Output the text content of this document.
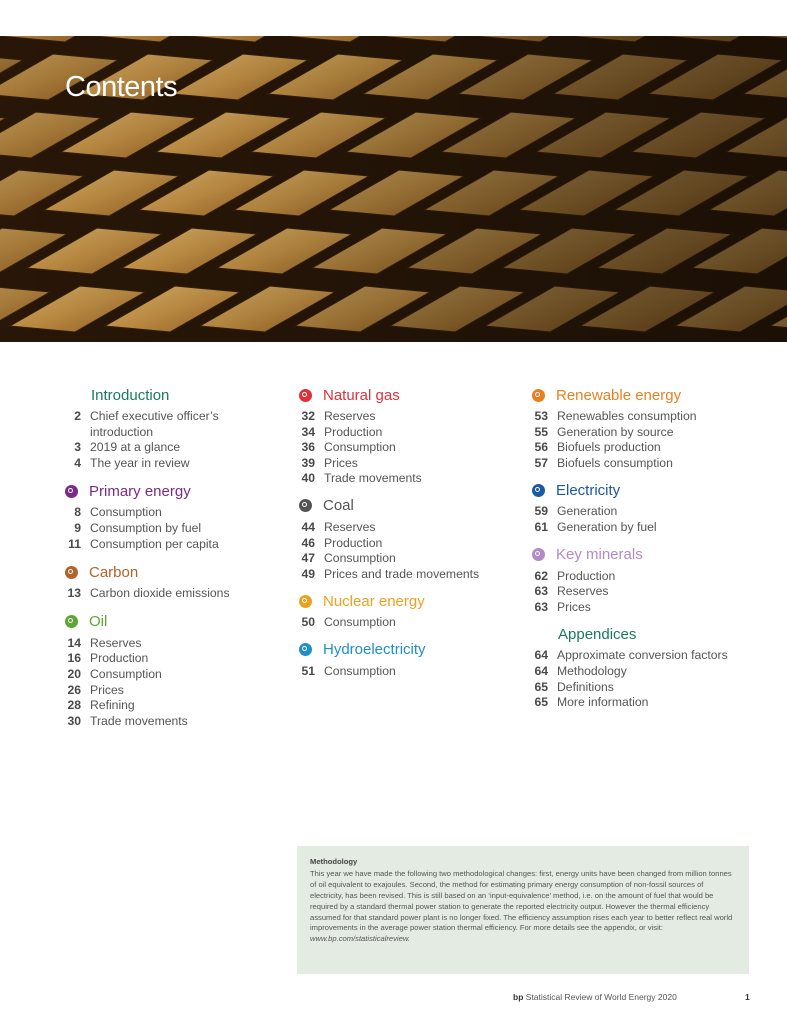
Contents
Introduction
2 Chief executive officer’s
introduction
3 2019 at a glance
4 The year in review
Primary energy
8 Consumption
9 Consumption by fuel
11 Consumption per capita
Carbon
13 Carbon dioxide emissions
Oil
14 Reserves
16 Production
20 Consumption
26 Prices
28 Refining
30 Trade movements
Natural gas
32 Reserves
34 Production
36 Consumption
39 Prices
40 Trade movements
Coal
44 Reserves
46 Production
47 Consumption
49 Prices and trade movements
Nuclear energy
50 Consumption
Hydroelectricity
51 Consumption
Renewable energy
53 Renewables consumption
55 Generation by source
56 Biofuels production
57 Biofuels consumption
Electricity
59 Generation
61 Generation by fuel
Key minerals
62 Production
63 Reserves
63 Prices
Appendices
64 Approximate conversion factors
64 Methodology
65 Definitions
65 More information
Methodology
This year we have made the following two methodological changes: first, energy units have been changed from million tonnes of oil equivalent to exajoules. Second, the method for estimating primary energy consumption of non-fossil sources of electricity, has been revised. This is still based on an ‘input-equivalence’ method, i.e. on the amount of fuel that would be required by a standard thermal power station to generate the reported electricity output. However the thermal efficiency assumed for that standard power plant is no longer fixed. The efficiency assumption rises each year to better reflect real world improvements in the average power station thermal efficiency. For more details see the appendix, or visit: www.bp.com/statisticalreview.
bp Statistical Review of World Energy 2020	1
